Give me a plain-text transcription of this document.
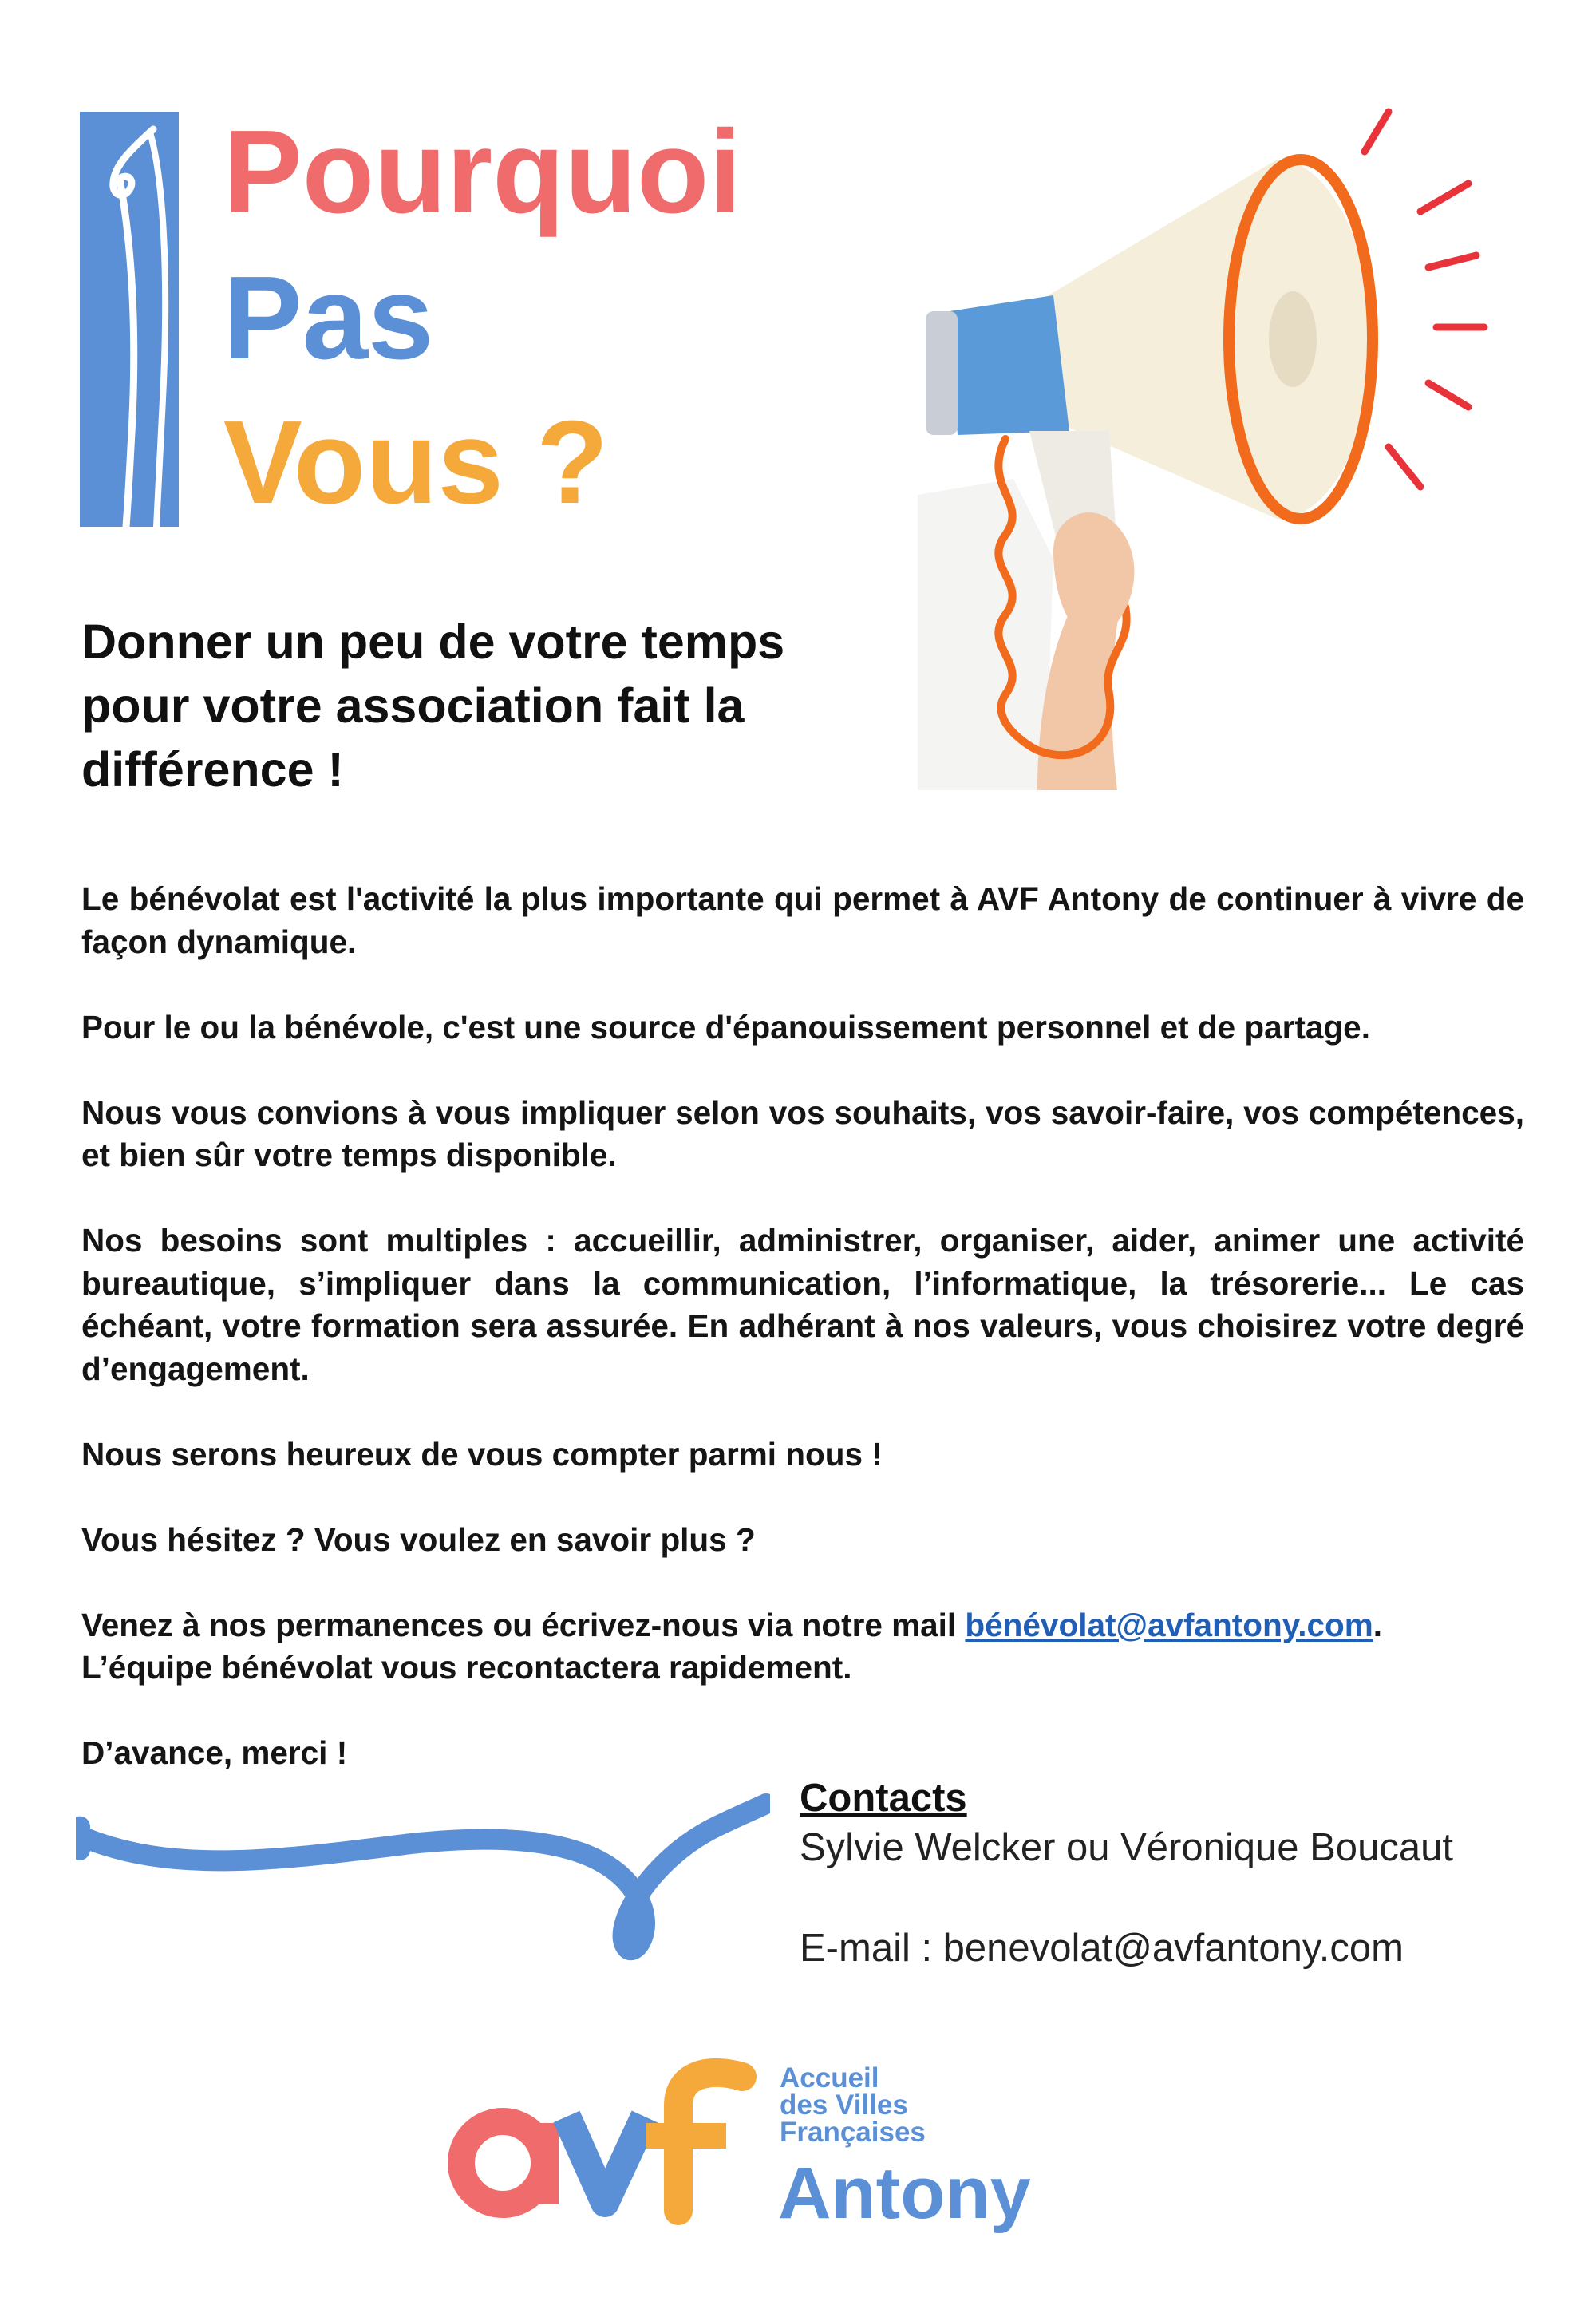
Pourquoi
Pas
Vous ?
Donner un peu de votre temps pour votre association fait la différence !

Le bénévolat est l'activité la plus importante qui permet à AVF Antony de continuer à vivre de façon dynamique.

Pour le ou la bénévole, c'est une source d'épanouissement personnel et de partage.

Nous vous convions à vous impliquer selon vos souhaits, vos savoir-faire, vos compétences, et bien sûr votre temps disponible.

Nos besoins sont multiples : accueillir, administrer, organiser, aider, animer une activité bureautique, s’impliquer dans la communication, l’informatique, la trésorerie... Le cas échéant, votre formation sera assurée. En adhérant à nos valeurs, vous choisirez votre degré d’engagement.

Nous serons heureux de vous compter parmi nous !

Vous hésitez ? Vous voulez en savoir plus ?

Venez à nos permanences ou écrivez-nous via notre mail bénévolat@avfantony.com.
L’équipe bénévolat vous recontactera rapidement.

D’avance, merci !

Contacts
Sylvie Welcker ou Véronique Boucaut
E-mail : benevolat@avfantony.com
Accueil
des Villes
Françaises
Antony
